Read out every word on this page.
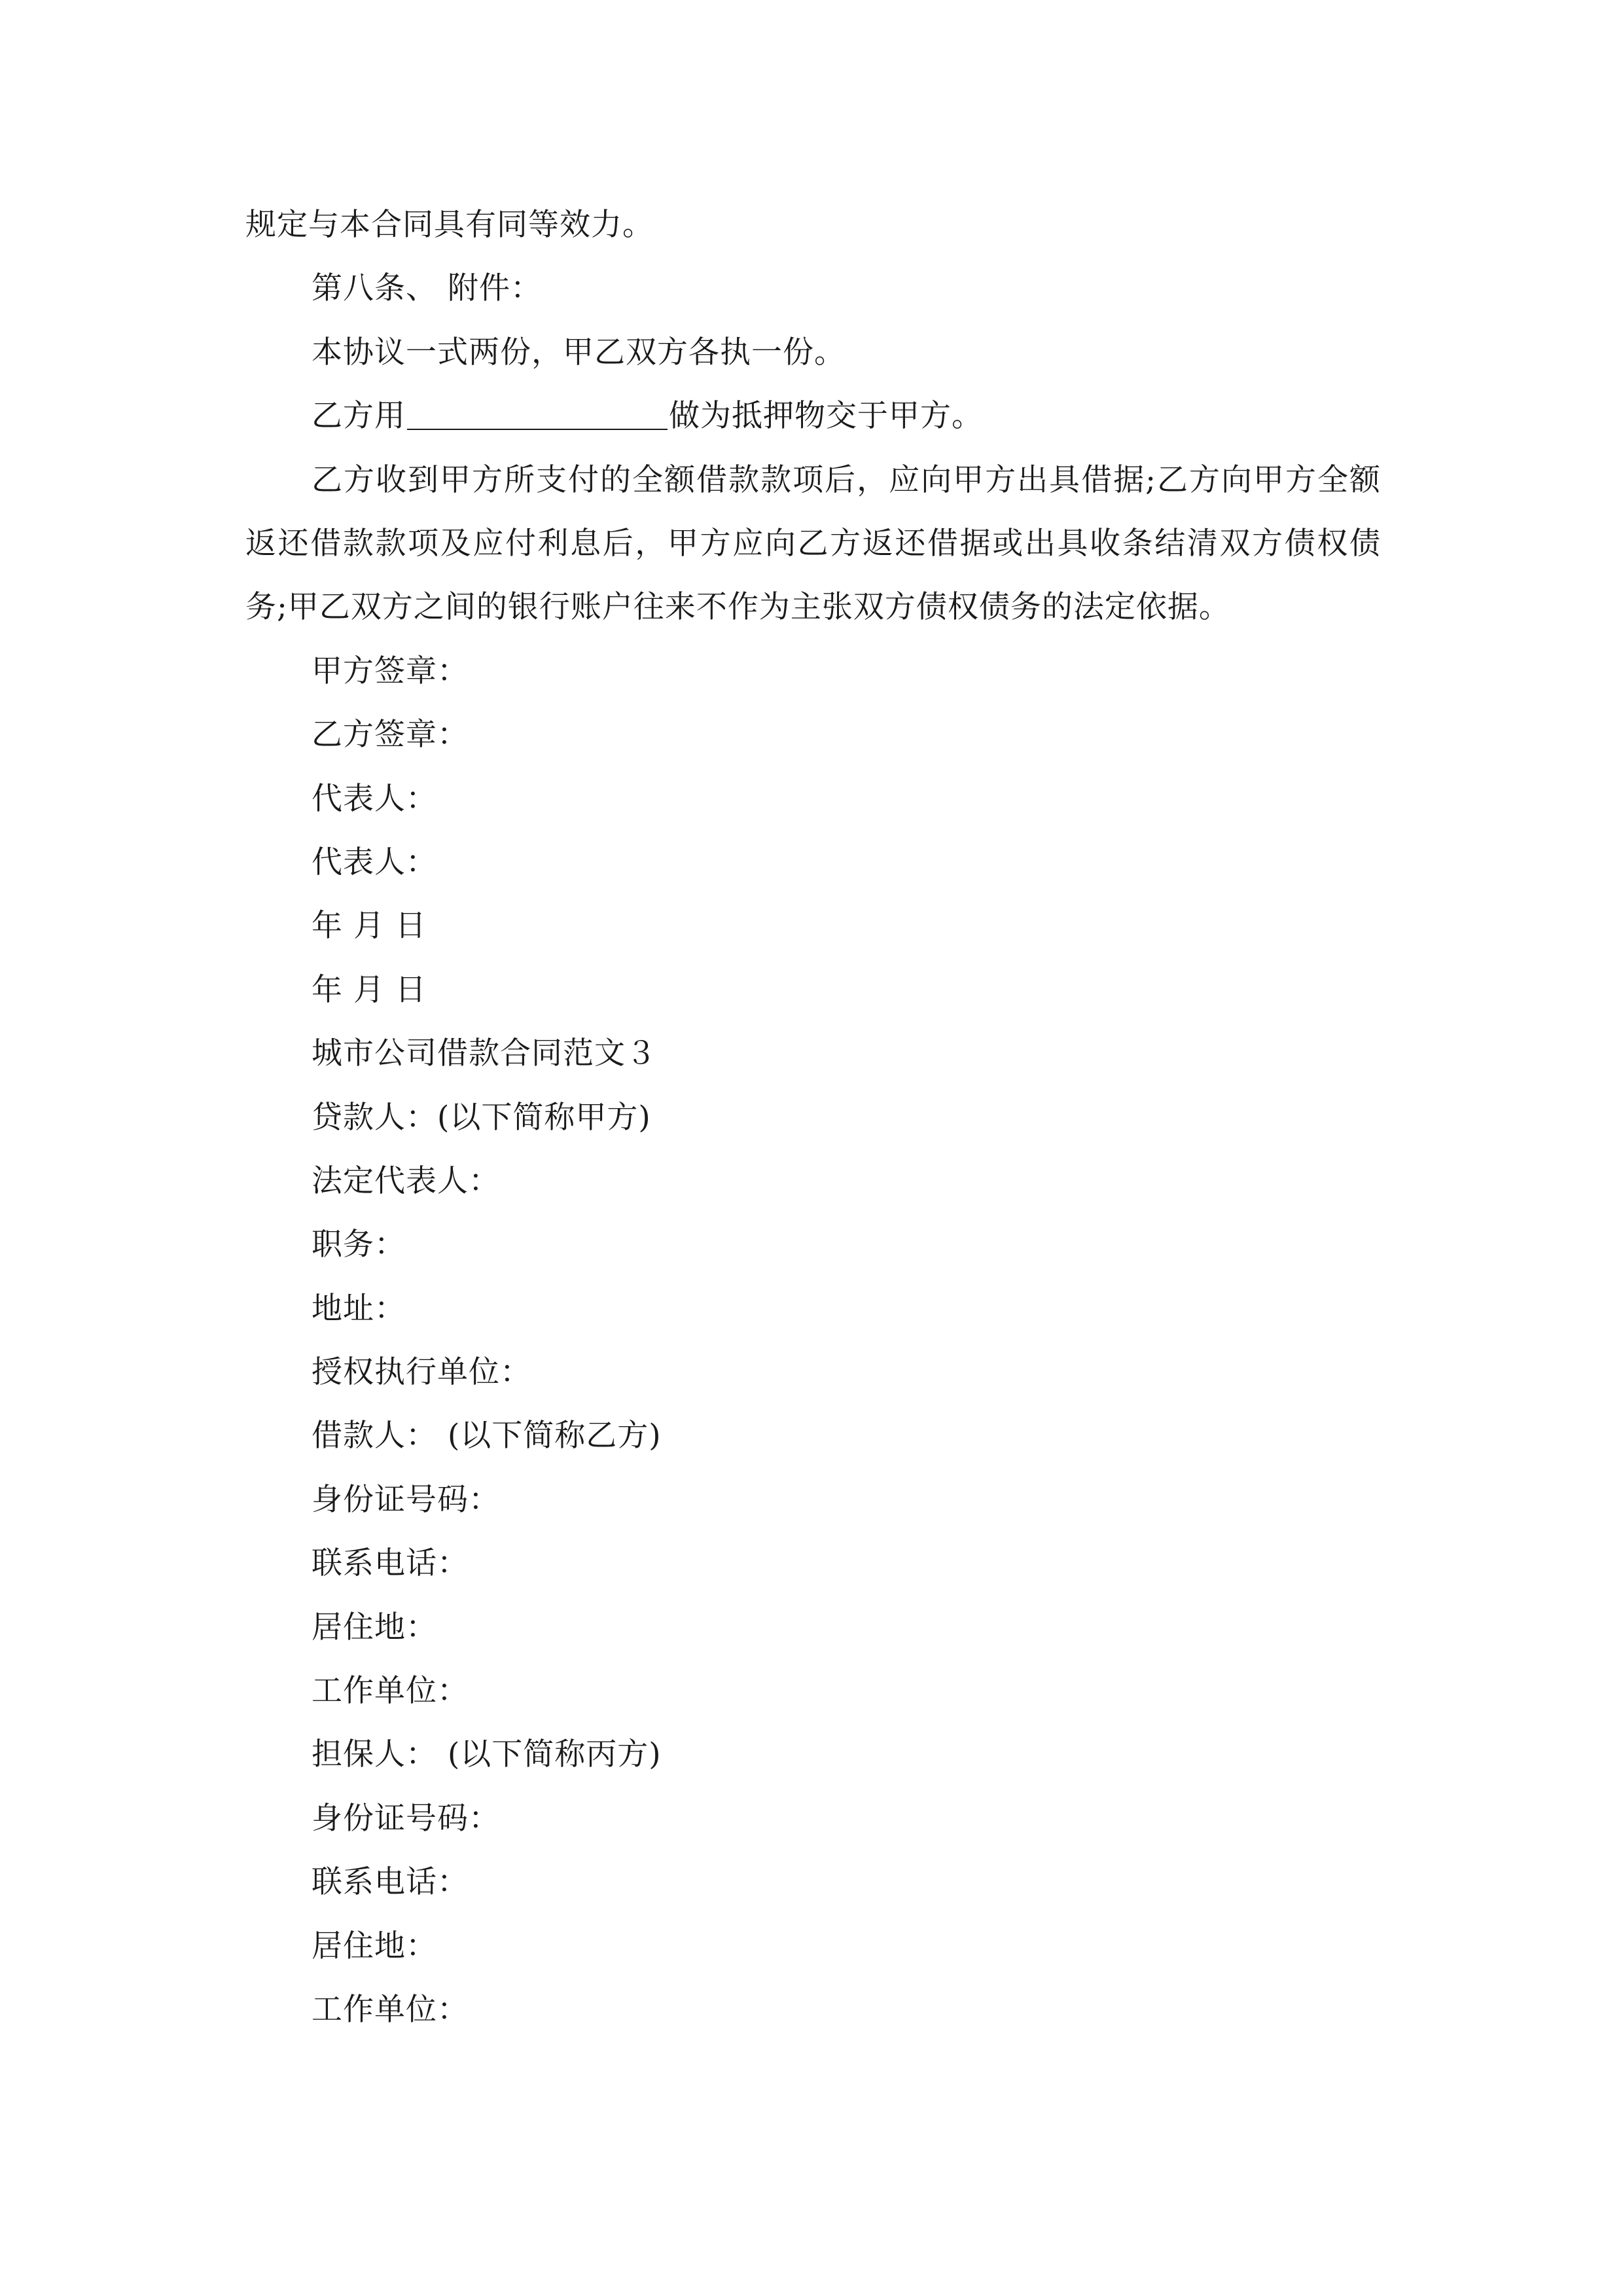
规定与本合同具有同等效力。
第八条、 附件：
本协议一式两份，甲乙双方各执一份。
乙方用	做为抵押物交于甲方。
乙方收到甲方所支付的全额借款款项后，应向甲方出具借据;乙方向甲方全额返还借款款项及应付利息后，甲方应向乙方返还借据或出具收条结清双方债权债务;甲乙双方之间的银行账户往来不作为主张双方债权债务的法定依据。
甲方签章：
乙方签章：
代表人：
代表人：
年 月 日
年 月 日
城市公司借款合同范文３
贷款人：(以下简称甲方)
法定代表人：
职务：
地址：
授权执行单位：
借款人： (以下简称乙方)
身份证号码：
联系电话：
居住地：
工作单位：
担保人： (以下简称丙方)
身份证号码：
联系电话：
居住地：
工作单位：
